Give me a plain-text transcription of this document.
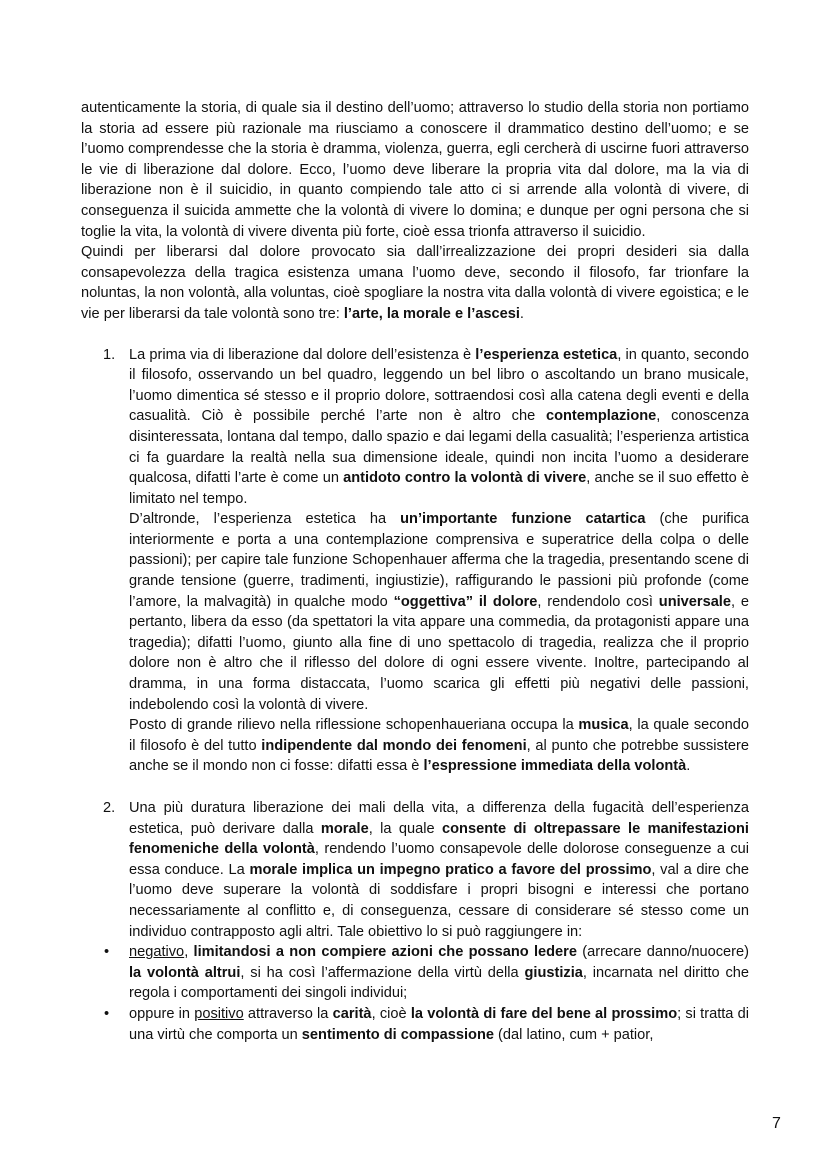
autenticamente la storia, di quale sia il destino dell’uomo; attraverso lo studio della storia non portiamo la storia ad essere più razionale ma riusciamo a conoscere il drammatico destino dell’uomo; e se l’uomo comprendesse che la storia è dramma, violenza, guerra, egli cercherà di uscirne fuori attraverso le vie di liberazione dal dolore. Ecco, l’uomo deve liberare la propria vita dal dolore, ma la via di liberazione non è il suicidio, in quanto compiendo tale atto ci si arrende alla volontà di vivere, di conseguenza il suicida ammette che la volontà di vivere lo domina; e dunque per ogni persona che si toglie la vita, la volontà di vivere diventa più forte, cioè essa trionfa attraverso il suicidio.

Quindi per liberarsi dal dolore provocato sia dall’irrealizzazione dei propri desideri sia dalla consapevolezza della tragica esistenza umana l’uomo deve, secondo il filosofo, far trionfare la noluntas, la non volontà, alla voluntas, cioè spogliare la nostra vita dalla volontà di vivere egoistica; e le vie per liberarsi da tale volontà sono tre: l’arte, la morale e l’ascesi.

1. La prima via di liberazione dal dolore dell’esistenza è l’esperienza estetica, in quanto, secondo il filosofo, osservando un bel quadro, leggendo un bel libro o ascoltando un brano musicale, l’uomo dimentica sé stesso e il proprio dolore, sottraendosi così alla catena degli eventi e della casualità. Ciò è possibile perché l’arte non è altro che contemplazione, conoscenza disinteressata, lontana dal tempo, dallo spazio e dai legami della casualità; l’esperienza artistica ci fa guardare la realtà nella sua dimensione ideale, quindi non incita l’uomo a desiderare qualcosa, difatti l’arte è come un antidoto contro la volontà di vivere, anche se il suo effetto è limitato nel tempo.

D’altronde, l’esperienza estetica ha un’importante funzione catartica (che purifica interiormente e porta a una contemplazione comprensiva e superatrice della colpa o delle passioni); per capire tale funzione Schopenhauer afferma che la tragedia, presentando scene di grande tensione (guerre, tradimenti, ingiustizie), raffigurando le passioni più profonde (come l’amore, la malvagità) in qualche modo “oggettiva” il dolore, rendendolo così universale, e pertanto, libera da esso (da spettatori la vita appare una commedia, da protagonisti appare una tragedia); difatti l’uomo, giunto alla fine di uno spettacolo di tragedia, realizza che il proprio dolore non è altro che il riflesso del dolore di ogni essere vivente. Inoltre, partecipando al dramma, in una forma distaccata, l’uomo scarica gli effetti più negativi delle passioni, indebolendo così la volontà di vivere.

Posto di grande rilievo nella riflessione schopenhaueriana occupa la musica, la quale secondo il filosofo è del tutto indipendente dal mondo dei fenomeni, al punto che potrebbe sussistere anche se il mondo non ci fosse: difatti essa è l’espressione immediata della volontà.

2. Una più duratura liberazione dei mali della vita, a differenza della fugacità dell’esperienza estetica, può derivare dalla morale, la quale consente di oltrepassare le manifestazioni fenomeniche della volontà, rendendo l’uomo consapevole delle dolorose conseguenze a cui essa conduce. La morale implica un impegno pratico a favore del prossimo, val a dire che l’uomo deve superare la volontà di soddisfare i propri bisogni e interessi che portano necessariamente al conflitto e, di conseguenza, cessare di considerare sé stesso come un individuo contrapposto agli altri. Tale obiettivo lo si può raggiungere in:

• negativo, limitandosi a non compiere azioni che possano ledere (arrecare danno/nuocere) la volontà altrui, si ha così l’affermazione della virtù della giustizia, incarnata nel diritto che regola i comportamenti dei singoli individui;

• oppure in positivo attraverso la carità, cioè la volontà di fare del bene al prossimo; si tratta di una virtù che comporta un sentimento di compassione (dal latino, cum + patior,

7
